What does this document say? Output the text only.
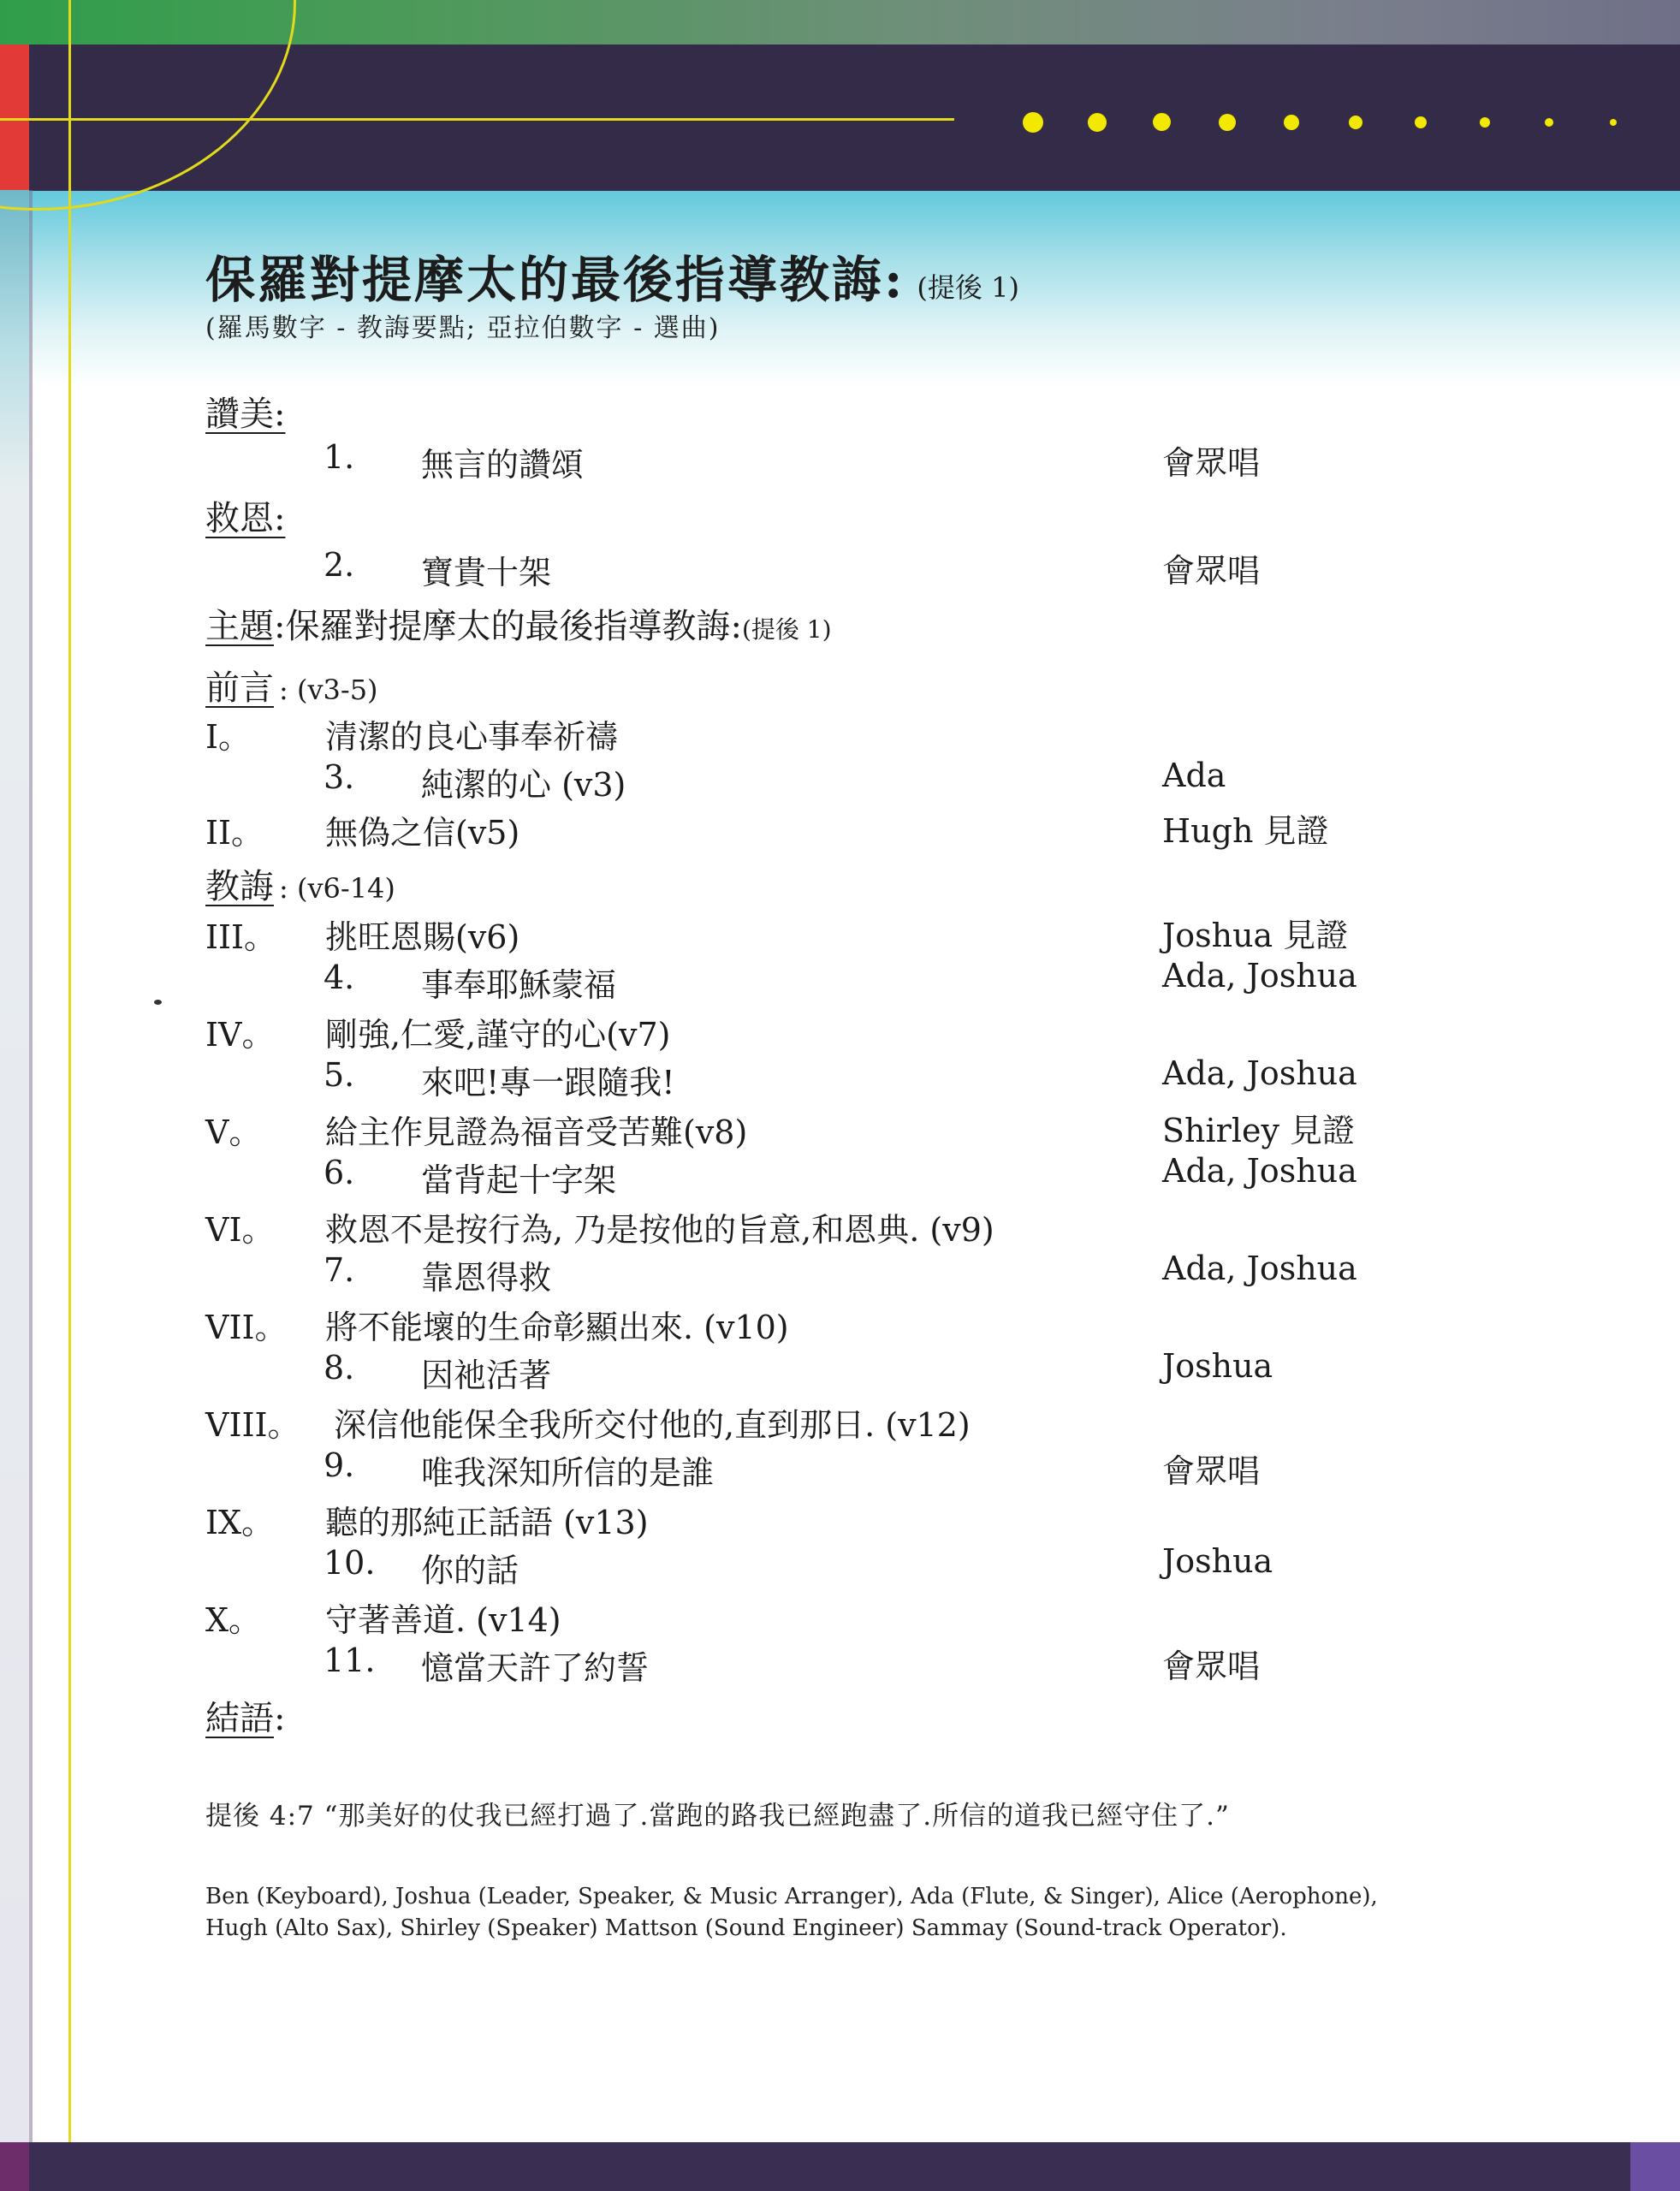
保羅對提摩太的最後指導教誨: (提後 1)
(羅馬數字 - 教誨要點; 亞拉伯數字 - 選曲)
讚美:
1. 無言的讚頌	會眾唱
救恩:
2. 寶貴十架	會眾唱
主題:保羅對提摩太的最後指導教誨:(提後 1)
前言 : (v3-5)
I。 清潔的良心事奉祈禱
3. 純潔的心 (v3)	Ada
II。 無偽之信(v5)	Hugh 見證
教誨 : (v6-14)
III。 挑旺恩賜(v6)	Joshua 見證
4. 事奉耶穌蒙福	Ada, Joshua
IV。 剛強,仁愛,謹守的心(v7)
5. 來吧!專一跟隨我!	Ada, Joshua
V。 給主作見證為福音受苦難(v8)	Shirley 見證
6. 當背起十字架	Ada, Joshua
VI。 救恩不是按行為, 乃是按他的旨意,和恩典. (v9)
7. 靠恩得救	Ada, Joshua
VII。 將不能壞的生命彰顯出來. (v10)
8. 因祂活著	Joshua
VIII。 深信他能保全我所交付他的,直到那日. (v12)
9. 唯我深知所信的是誰	會眾唱
IX。 聽的那純正話語 (v13)
10. 你的話	Joshua
X。 守著善道. (v14)
11. 憶當天許了約誓	會眾唱
結語:
提後 4:7 “那美好的仗我已經打過了.當跑的路我已經跑盡了.所信的道我已經守住了.”
Ben (Keyboard), Joshua (Leader, Speaker, & Music Arranger), Ada (Flute, & Singer), Alice (Aerophone),
Hugh (Alto Sax), Shirley (Speaker) Mattson (Sound Engineer) Sammay (Sound-track Operator).
